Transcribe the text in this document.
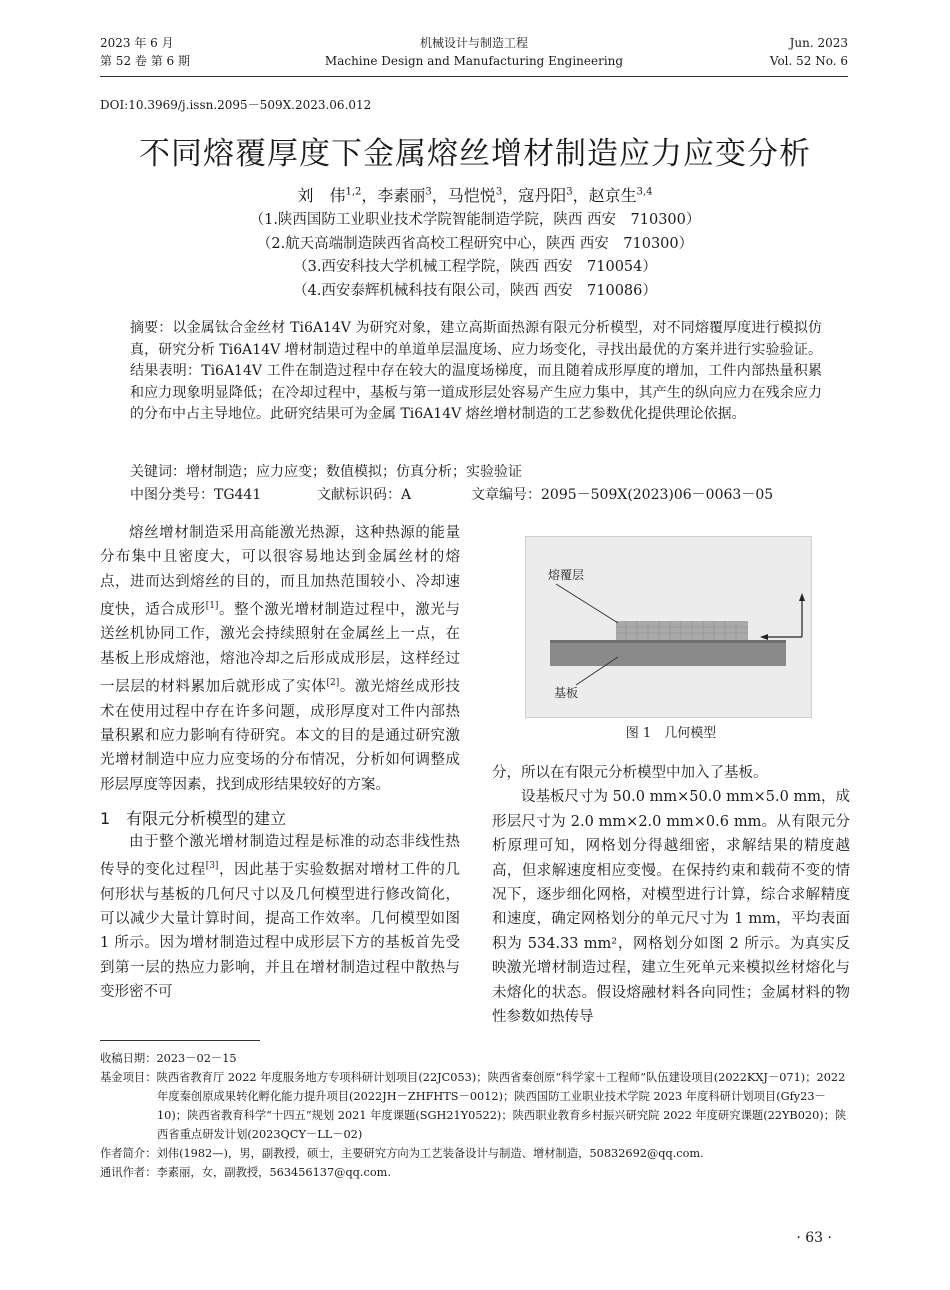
2023 年 6 月
第 52 卷 第 6 期
机械设计与制造工程
Machine Design and Manufacturing Engineering
Jun. 2023
Vol. 52 No. 6
DOI:10.3969/j.issn.2095－509X.2023.06.012
不同熔覆厚度下金属熔丝增材制造应力应变分析
刘　伟$^{1,2}$，李素丽$^3$，马恺悦$^3$，寇丹阳$^3$，赵京生$^{3,4}$
（1.陕西国防工业职业技术学院智能制造学院，陕西 西安　710300）
（2.航天高端制造陕西省高校工程研究中心，陕西 西安　710300）
（3.西安科技大学机械工程学院，陕西 西安　710054）
（4.西安泰辉机械科技有限公司，陕西 西安　710086）
摘要：以金属钛合金丝材 Ti6A14V 为研究对象，建立高斯面热源有限元分析模型，对不同熔覆厚度进行模拟仿真，研究分析 Ti6A14V 增材制造过程中的单道单层温度场、应力场变化，寻找出最优的方案并进行实验验证。结果表明：Ti6A14V 工件在制造过程中存在较大的温度场梯度，而且随着成形厚度的增加，工件内部热量积累和应力现象明显降低；在冷却过程中，基板与第一道成形层处容易产生应力集中，其产生的纵向应力在残余应力的分布中占主导地位。此研究结果可为金属 Ti6A14V 熔丝增材制造的工艺参数优化提供理论依据。
关键词：增材制造；应力应变；数值模拟；仿真分析；实验验证
中图分类号：TG441	文献标识码：A	文章编号：2095－509X(2023)06－0063－05

熔丝增材制造采用高能激光热源，这种热源的能量分布集中且密度大，可以很容易地达到金属丝材的熔点，进而达到熔丝的目的，而且加热范围较小、冷却速度快，适合成形[1]。整个激光增材制造过程中，激光与送丝机协同工作，激光会持续照射在金属丝上一点，在基板上形成熔池，熔池冷却之后形成成形层，这样经过一层层的材料累加后就形成了实体[2]。激光熔丝成形技术在使用过程中存在许多问题，成形厚度对工件内部热量积累和应力影响有待研究。本文的目的是通过研究激光增材制造中应力应变场的分布情况，分析如何调整成形层厚度等因素，找到成形结果较好的方案。

1　有限元分析模型的建立

由于整个激光增材制造过程是标准的动态非线性热传导的变化过程[3]，因此基于实验数据对增材工件的几何形状与基板的几何尺寸以及几何模型进行修改简化，可以减少大量计算时间，提高工作效率。几何模型如图 1 所示。因为增材制造过程中成形层下方的基板首先受到第一层的热应力影响，并且在增材制造过程中散热与变形密不可

熔覆层
基板
图 1　几何模型
分，所以在有限元分析模型中加入了基板。

设基板尺寸为 50.0 mm×50.0 mm×5.0 mm，成形层尺寸为 2.0 mm×2.0 mm×0.6 mm。从有限元分析原理可知，网格划分得越细密，求解结果的精度越高，但求解速度相应变慢。在保持约束和载荷不变的情况下，逐步细化网格，对模型进行计算，综合求解精度和速度，确定网格划分的单元尺寸为 1 mm，平均表面积为 534.33 mm²，网格划分如图 2 所示。为真实反映激光增材制造过程，建立生死单元来模拟丝材熔化与未熔化的状态。假设熔融材料各向同性；金属材料的物性参数如热传导

收稿日期：2023－02－15
基金项目：陕西省教育厅 2022 年度服务地方专项科研计划项目(22JC053)；陕西省秦创原“科学家＋工程师”队伍建设项目(2022KXJ－071)；2022 年度秦创原成果转化孵化能力提升项目(2022JH－ZHFHTS－0012)；陕西国防工业职业技术学院 2023 年度科研计划项目(Gfy23－10)；陕西省教育科学“十四五”规划 2021 年度课题(SGH21Y0522)；陕西职业教育乡村振兴研究院 2022 年度研究课题(22YB020)；陕西省重点研发计划(2023QCY－LL－02)
作者简介：刘伟(1982—)，男，副教授，硕士，主要研究方向为工艺装备设计与制造、增材制造，50832692@qq.com.
通讯作者：李素丽，女，副教授，563456137@qq.com.
· 63 ·
